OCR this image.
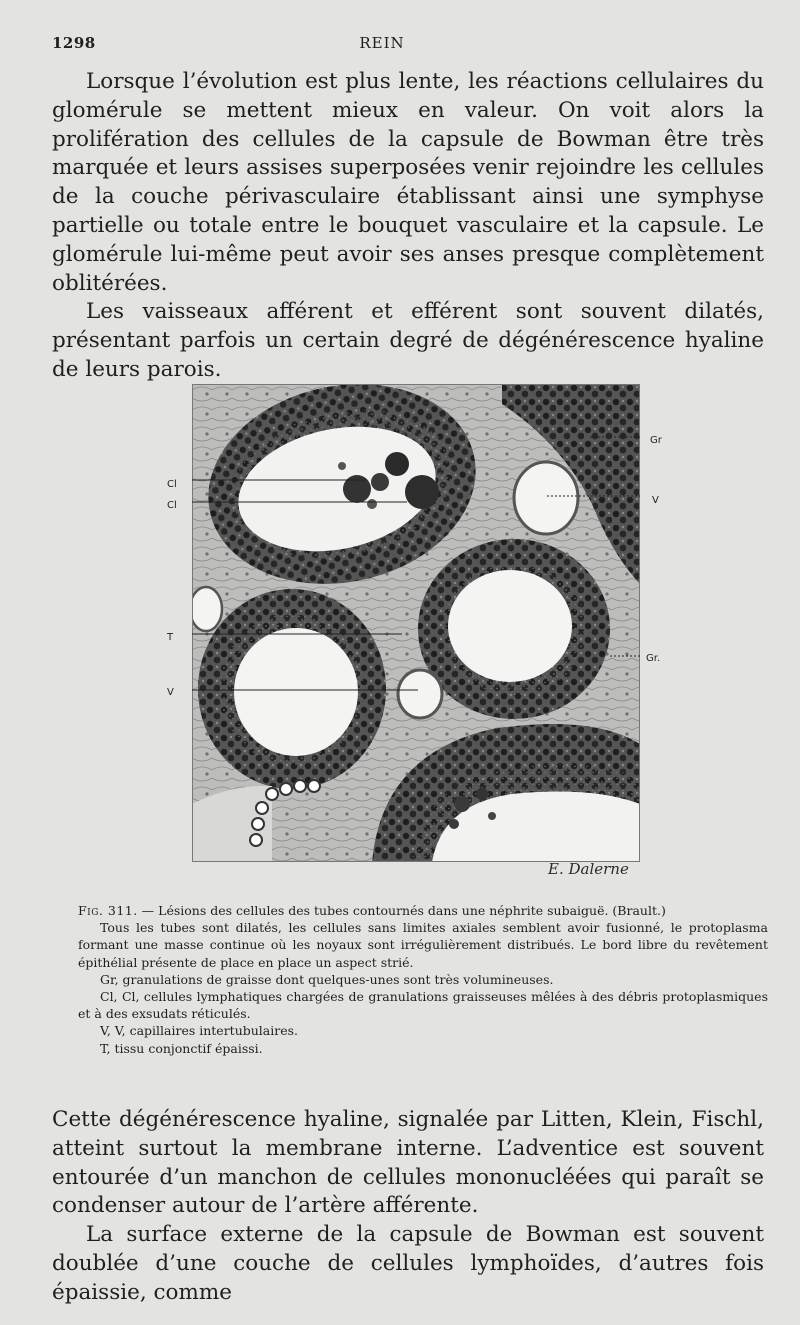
1298	REIN

Lorsque l’évolution est plus lente, les réactions cellulaires du glomérule se mettent mieux en valeur. On voit alors la prolifération des cellules de la capsule de Bowman être très marquée et leurs assises superposées venir rejoindre les cellules de la couche périvasculaire établissant ainsi une symphyse partielle ou totale entre le bouquet vasculaire et la capsule. Le glomérule lui-même peut avoir ses anses presque complètement oblitérées.

Les vaisseaux afférent et efférent sont souvent dilatés, présentant parfois un certain degré de dégénérescence hyaline de leurs parois.

Cl
Cl
T
V
Gr
V
Gr.
E. Dalerne

Fig. 311. — Lésions des cellules des tubes contournés dans une néphrite subaiguë. (Brault.)

Tous les tubes sont dilatés, les cellules sans limites axiales semblent avoir fusionné, le protoplasma formant une masse continue où les noyaux sont irrégulièrement distribués. Le bord libre du revêtement épithélial présente de place en place un aspect strié.

Gr, granulations de graisse dont quelques-unes sont très volumineuses.

Cl, Cl, cellules lymphatiques chargées de granulations graisseuses mêlées à des débris protoplasmiques et à des exsudats réticulés.

V, V, capillaires intertubulaires.

T, tissu conjonctif épaissi.

Cette dégénérescence hyaline, signalée par Litten, Klein, Fischl, atteint surtout la membrane interne. L’adventice est souvent entourée d’un manchon de cellules mononucléées qui paraît se condenser autour de l’artère afférente.

La surface externe de la capsule de Bowman est souvent doublée d’une couche de cellules lymphoïdes, d’autres fois épaissie, comme
